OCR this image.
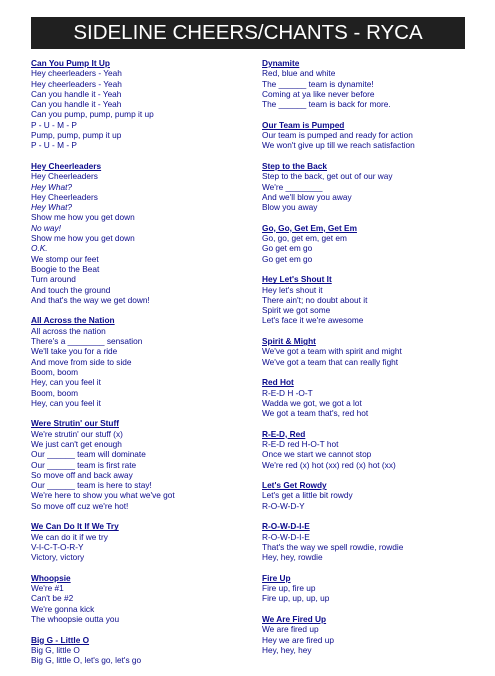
SIDELINE CHEERS/CHANTS - RYCA
Can You Pump It Up
Hey cheerleaders - Yeah
Hey cheerleaders - Yeah
Can you handle it - Yeah
Can you handle it - Yeah
Can you pump, pump, pump it up
P - U - M - P
Pump, pump, pump it up
P - U - M - P
Hey Cheerleaders
Hey Cheerleaders
Hey What?
Hey Cheerleaders
Hey What?
Show me how you get down
No way!
Show me how you get down
O.K.
We stomp our feet
Boogie to the Beat
Turn around
And touch the ground
And that's the way we get down!
All Across the Nation
All across the nation
There's a ________ sensation
We'll take you for a ride
And move from side to side
Boom, boom
Hey, can you feel it
Boom, boom
Hey, can you feel it
Were Strutin' our Stuff
We're strutin' our stuff (x)
We just can't get enough
Our ______ team will dominate
Our ______ team is first rate
So move off and back away
Our ______ team is here to stay!
We're here to show you what we've got
So move off cuz we're hot!
We Can Do It If We Try
We can do it if we try
V-I-C-T-O-R-Y
Victory, victory
Whoopsie
We're #1
Can't be #2
We're gonna kick
The whoopsie outta you
Big G - Little O
Big G, little O
Big G, little O, let's go, let's go
Dynamite
Red, blue and white
The ______ team is dynamite!
Coming at ya like never before
The ______ team is back for more.
Our Team is Pumped
Our team is pumped and ready for action
We won't give up till we reach satisfaction
Step to the Back
Step to the back, get out of our way
We're ________
And we'll blow you away
Blow you away
Go, Go, Get Em, Get Em
Go, go, get em, get em
Go get em go
Go get em go
Hey Let's Shout It
Hey let's shout it
There ain't; no doubt about it
Spirit we got some
Let's face it we're awesome
Spirit & Might
We've got a team with spirit and might
We've got a team that can really fight
Red Hot
R-E-D H -O-T
Wadda we got, we got a lot
We got a team that's, red hot
R-E-D, Red
R-E-D red H-O-T hot
Once we start we cannot stop
We're red (x) hot (xx) red (x) hot (xx)
Let's Get Rowdy
Let's get a little bit rowdy
R-O-W-D-Y
R-O-W-D-I-E
R-O-W-D-I-E
That's the way we spell rowdie, rowdie
Hey, hey, rowdie
Fire Up
Fire up, fire up
Fire up, up, up, up
We Are Fired Up
We are fired up
Hey we are fired up
Hey, hey, hey
